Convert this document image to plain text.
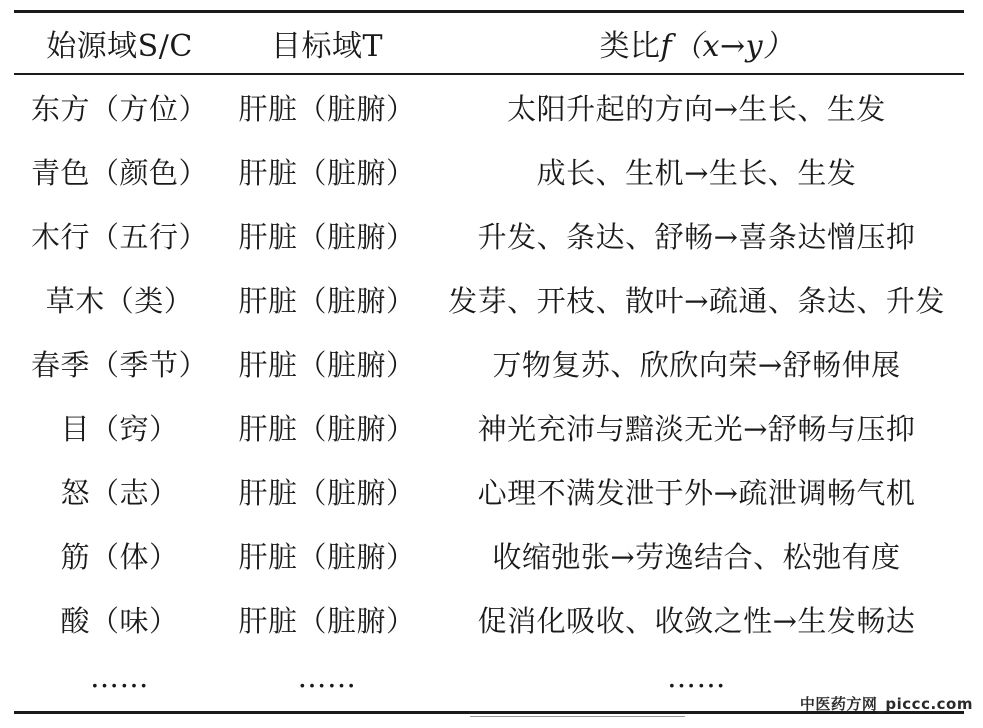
始源域S/C	目标域T	类比 f（x→y）
东方（方位）	肝脏（脏腑）	太阳升起的方向→生长、生发
青色（颜色）	肝脏（脏腑）	成长、生机→生长、生发
木行（五行）	肝脏（脏腑）	升发、条达、舒畅→喜条达憎压抑
草木（类）	肝脏（脏腑）	发芽、开枝、散叶→疏通、条达、升发
春季（季节）	肝脏（脏腑）	万物复苏、欣欣向荣→舒畅伸展
目（窍）	肝脏（脏腑）	神光充沛与黯淡无光→舒畅与压抑
怒（志）	肝脏（脏腑）	心理不满发泄于外→疏泄调畅气机
筋（体）	肝脏（脏腑）	收缩弛张→劳逸结合、松弛有度
酸（味）	肝脏（脏腑）	促消化吸收、收敛之性→生发畅达
……	……	……
中医药方网_piccc.com
